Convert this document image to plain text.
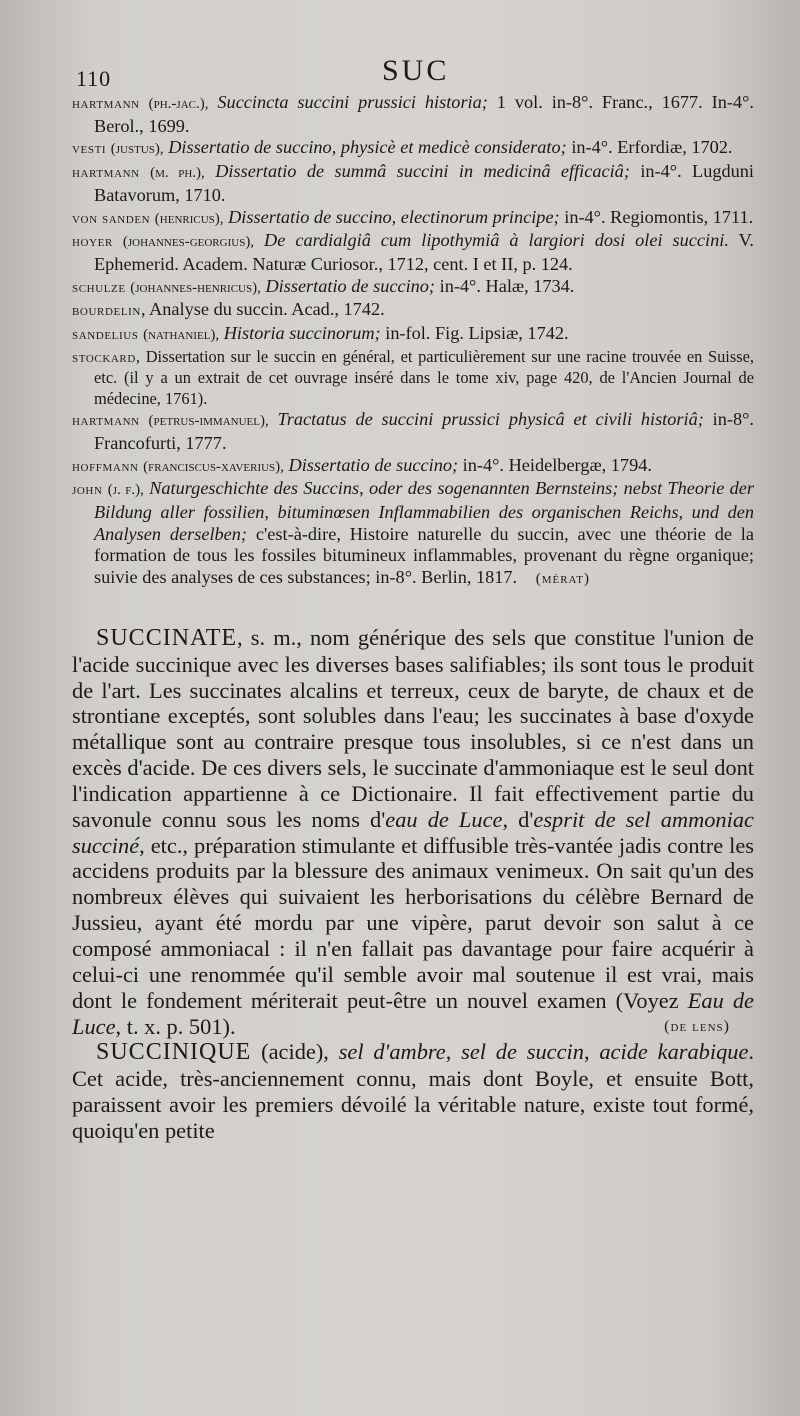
110	SUC
hartmann (ph.-jac.), Succincta succini prussici historia; 1 vol. in-8°. Franc., 1677. In-4°. Berol., 1699.
vesti (justus), Dissertatio de succino, physicè et medicè considerato; in-4°. Erfordiæ, 1702.
hartmann (m. ph.), Dissertatio de summâ succini in medicinâ efficaciâ; in-4°. Lugduni Batavorum, 1710.
von sanden (henricus), Dissertatio de succino, electinorum principe; in-4°. Regiomontis, 1711.
hoyer (johannes-georgius), De cardialgiâ cum lipothymiâ à largiori dosi olei succini. V. Ephemerid. Academ. Naturæ Curiosor., 1712, cent. I et II, p. 124.
schulze (johannes-henricus), Dissertatio de succino; in-4°. Halæ, 1734.
bourdelin, Analyse du succin. Acad., 1742.
sandelius (nathaniel), Historia succinorum; in-fol. Fig. Lipsiæ, 1742.
stockard, Dissertation sur le succin en général, et particulièrement sur une racine trouvée en Suisse, etc. (il y a un extrait de cet ouvrage inséré dans le tome xiv, page 420, de l'Ancien Journal de médecine, 1761).
hartmann (petrus-immanuel), Tractatus de succini prussici physicâ et civili historiâ; in-8°. Francofurti, 1777.
hoffmann (franciscus-xaverius), Dissertatio de succino; in-4°. Heidelbergæ, 1794.
john (j. f.), Naturgeschichte des Succins, oder des sogenannten Bernsteins; nebst Theorie der Bildung aller fossilien, bituminœsen Inflammabilien des organischen Reichs, und den Analysen derselben; c'est-à-dire, Histoire naturelle du succin, avec une théorie de la formation de tous les fossiles bitumineux inflammables, provenant du règne organique; suivie des analyses de ces substances; in-8°. Berlin, 1817. (mérat)

SUCCINATE, s. m., nom générique des sels que constitue l'union de l'acide succinique avec les diverses bases salifiables; ils sont tous le produit de l'art. Les succinates alcalins et terreux, ceux de baryte, de chaux et de strontiane exceptés, sont solubles dans l'eau; les succinates à base d'oxyde métallique sont au contraire presque tous insolubles, si ce n'est dans un excès d'acide. De ces divers sels, le succinate d'ammoniaque est le seul dont l'indication appartienne à ce Dictionaire. Il fait effectivement partie du savonule connu sous les noms d'eau de Luce, d'esprit de sel ammoniac succiné, etc., préparation stimulante et diffusible très-vantée jadis contre les accidens produits par la blessure des animaux venimeux. On sait qu'un des nombreux élèves qui suivaient les herborisations du célèbre Bernard de Jussieu, ayant été mordu par une vipère, parut devoir son salut à ce composé ammoniacal : il n'en fallait pas davantage pour faire acquérir à celui-ci une renommée qu'il semble avoir mal soutenue il est vrai, mais dont le fondement mériterait peut-être un nouvel examen (Voyez Eau de Luce, t. x. p. 501).	(de lens)

SUCCINIQUE (acide), sel d'ambre, sel de succin, acide karabique. Cet acide, très-anciennement connu, mais dont Boyle, et ensuite Bott, paraissent avoir les premiers dévoilé la véritable nature, existe tout formé, quoiqu'en petite
